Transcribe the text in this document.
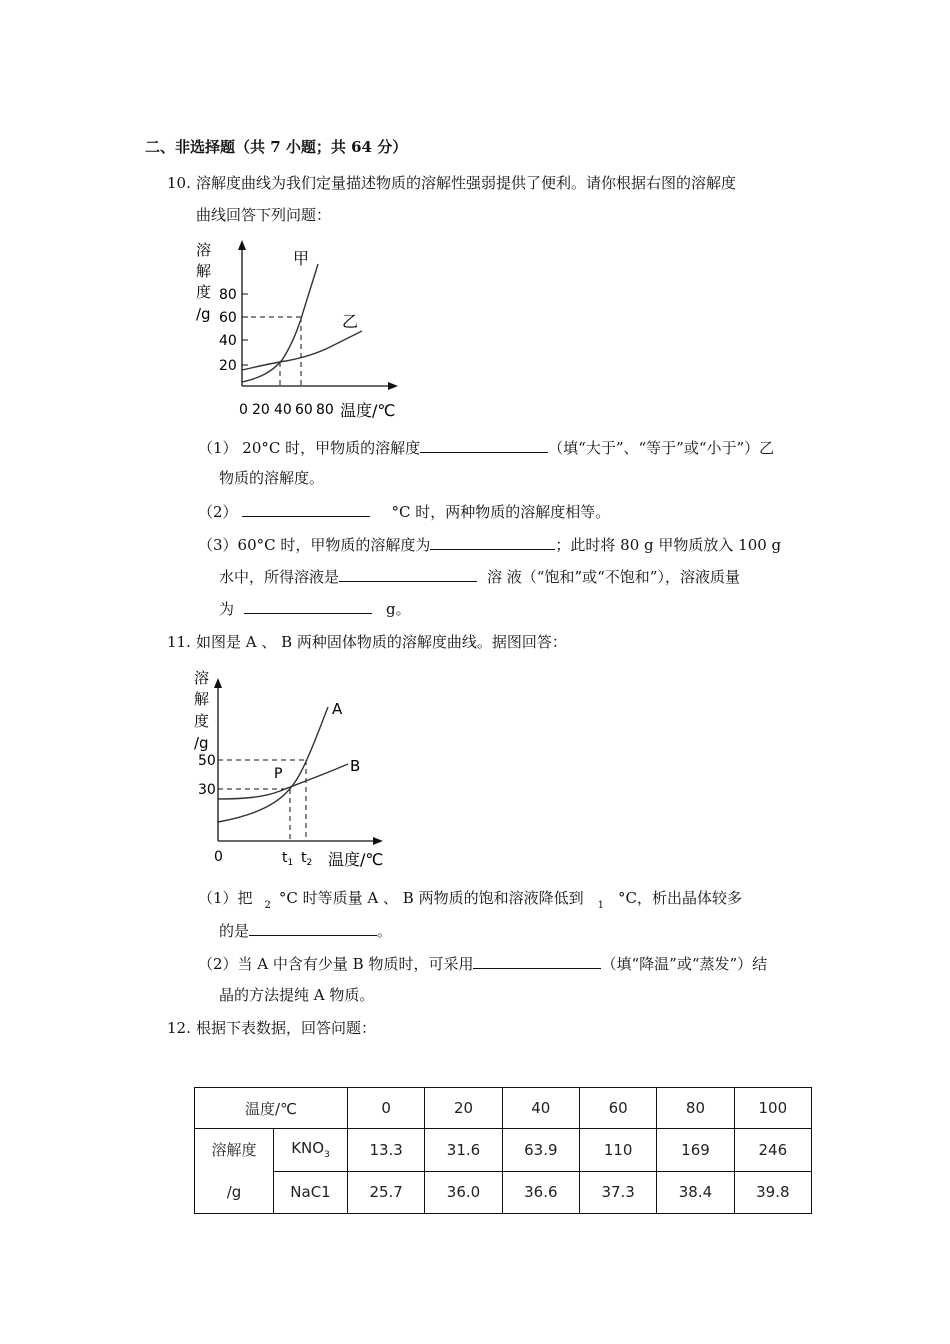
二、非选择题（共 7 小题；共 64 分）
10. 溶解度曲线为我们定量描述物质的溶解性强弱提供了便利。请你根据右图的溶解度
曲线回答下列问题：
溶
解
度
/g
80
60
40
20
0 20 40 60 80 温度/℃
甲
乙
（1） 20°C 时，甲物质的溶解度	（填“大于”、“等于”或“小于”）乙
物质的溶解度。
（2）	°C 时，两种物质的溶解度相等。
（3）60°C 时，甲物质的溶解度为	；此时将 80 g 甲物质放入 100 g
水中，所得溶液是	溶 液（“饱和”或“不饱和”），溶液质量
为	g。
11. 如图是 A 、 B 两种固体物质的溶解度曲线。据图回答：
溶
解
度
/g
50
30
0	$t_1$ $t_2$ 温度/℃
P
A
B
（1）把 $_2$ °C 时等质量 A 、 B 两物质的饱和溶液降低到 $_1$ °C，析出晶体较多
的是	。
（2）当 A 中含有少量 B 物质时，可采用	（填“降温”或“蒸发”）结
晶的方法提纯 A 物质。
12. 根据下表数据，回答问题：
温度/℃		0	20	40	60	80	100

溶解度
/g	$KNO_3$	13.3	31.6	63.9	110	169	246
	NaC1	25.7	36.0	36.6	37.3	38.4	39.8
